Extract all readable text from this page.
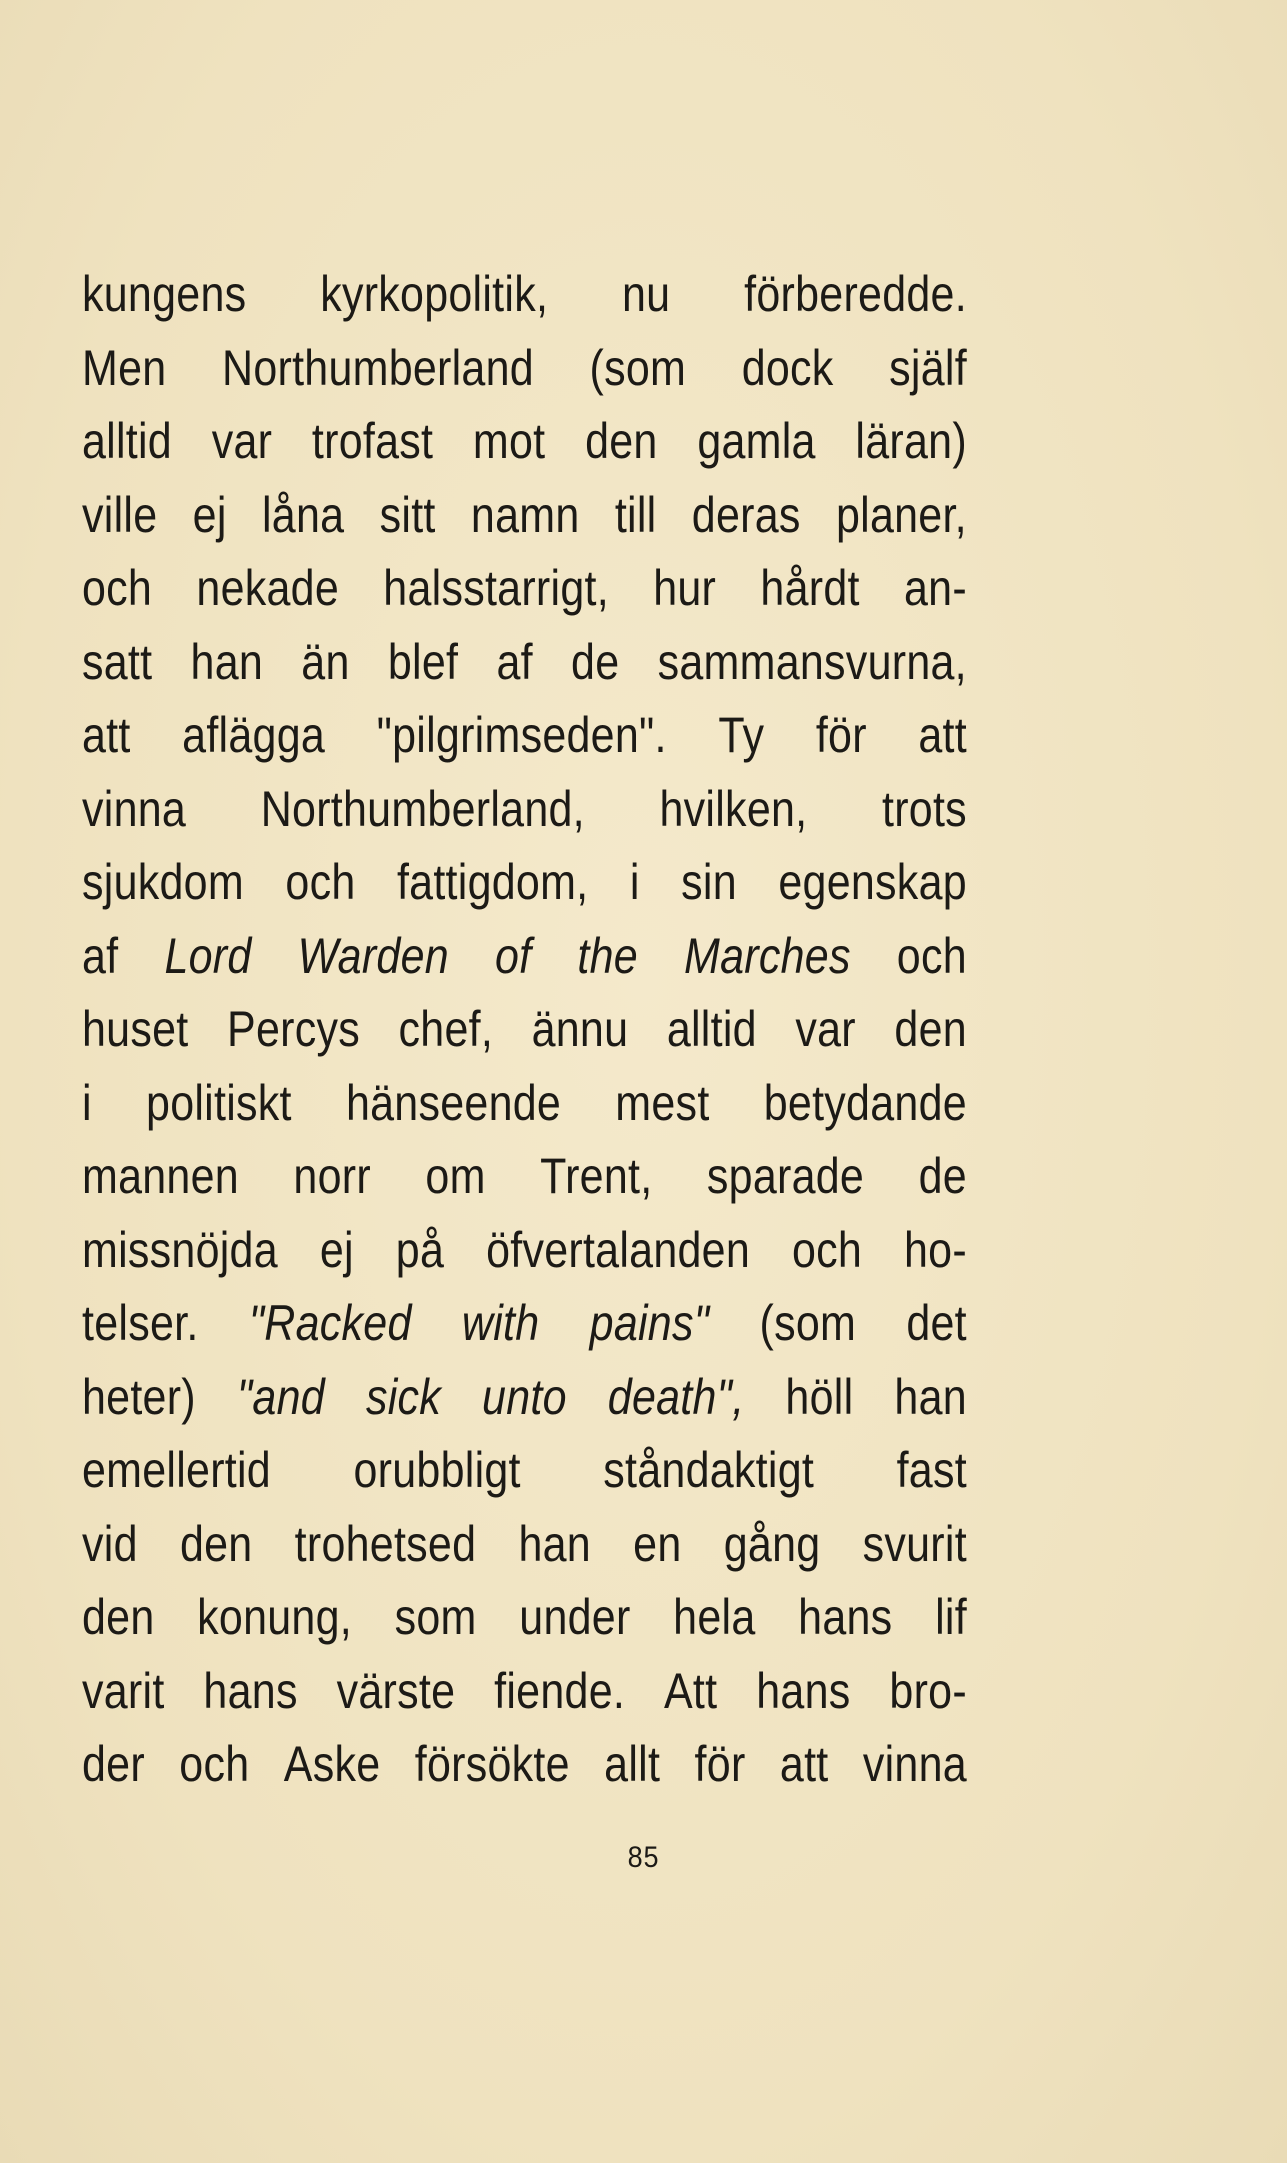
kungens kyrkopolitik, nu förberedde.
Men Northumberland (som dock själf
alltid var trofast mot den gamla läran)
ville ej låna sitt namn till deras planer,
och nekade halsstarrigt, hur hårdt an-
satt han än blef af de sammansvurna,
att aflägga "pilgrimseden". Ty för att
vinna Northumberland, hvilken, trots
sjukdom och fattigdom, i sin egenskap
af Lord Warden of the Marches och
huset Percys chef, ännu alltid var den
i politiskt hänseende mest betydande
mannen norr om Trent, sparade de
missnöjda ej på öfvertalanden och ho-
telser. "Racked with pains" (som det
heter) "and sick unto death", höll han
emellertid orubbligt ståndaktigt fast
vid den trohetsed han en gång svurit
den konung, som under hela hans lif
varit hans värste fiende. Att hans bro-
der och Aske försökte allt för att vinna
85
